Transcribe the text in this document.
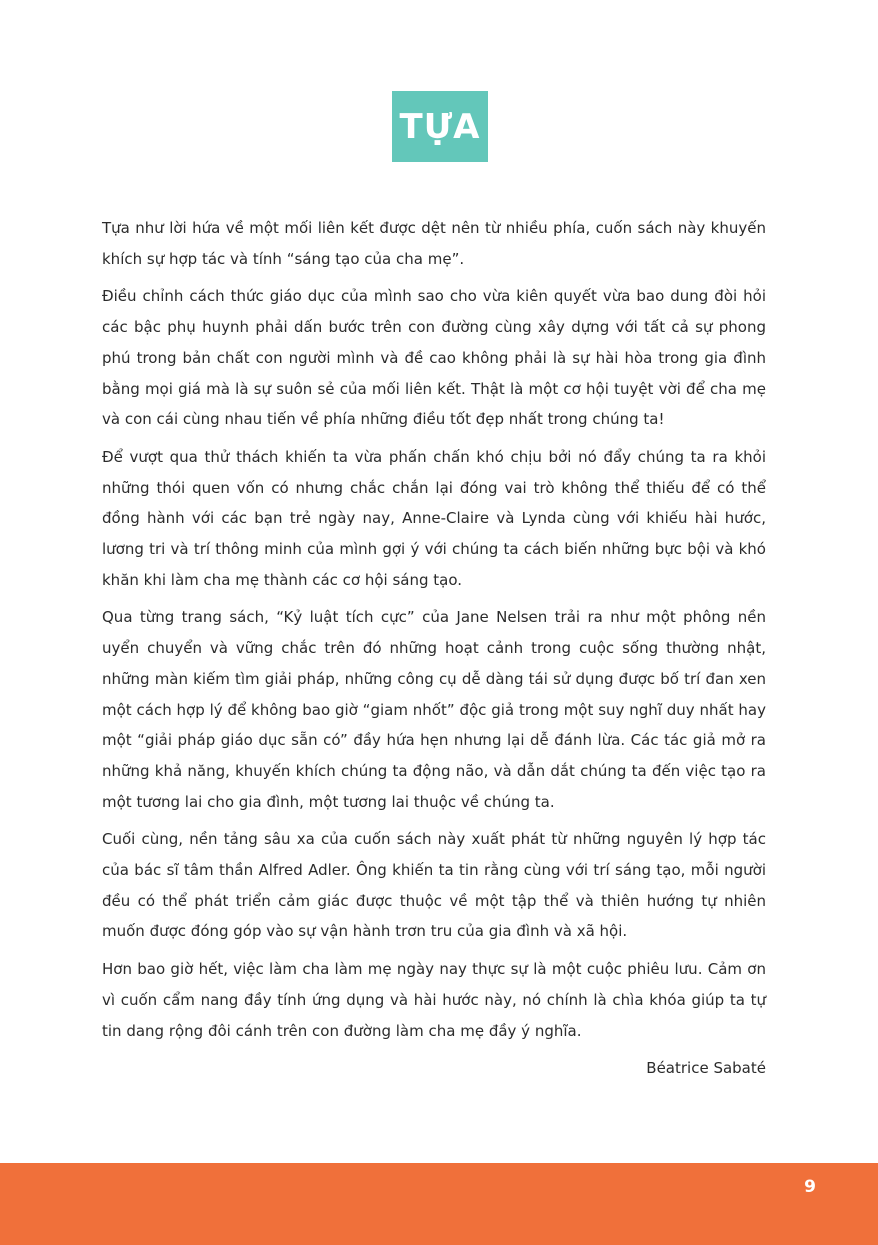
TỰA

Tựa như lời hứa về một mối liên kết được dệt nên từ nhiều phía, cuốn sách này khuyến khích sự hợp tác và tính “sáng tạo của cha mẹ”.

Điều chỉnh cách thức giáo dục của mình sao cho vừa kiên quyết vừa bao dung đòi hỏi các bậc phụ huynh phải dấn bước trên con đường cùng xây dựng với tất cả sự phong phú trong bản chất con người mình và đề cao không phải là sự hài hòa trong gia đình bằng mọi giá mà là sự suôn sẻ của mối liên kết. Thật là một cơ hội tuyệt vời để cha mẹ và con cái cùng nhau tiến về phía những điều tốt đẹp nhất trong chúng ta!

Để vượt qua thử thách khiến ta vừa phấn chấn khó chịu bởi nó đẩy chúng ta ra khỏi những thói quen vốn có nhưng chắc chắn lại đóng vai trò không thể thiếu để có thể đồng hành với các bạn trẻ ngày nay, Anne-Claire và Lynda cùng với khiếu hài hước, lương tri và trí thông minh của mình gợi ý với chúng ta cách biến những bực bội và khó khăn khi làm cha mẹ thành các cơ hội sáng tạo.

Qua từng trang sách, “Kỷ luật tích cực” của Jane Nelsen trải ra như một phông nền uyển chuyển và vững chắc trên đó những hoạt cảnh trong cuộc sống thường nhật, những màn kiếm tìm giải pháp, những công cụ dễ dàng tái sử dụng được bố trí đan xen một cách hợp lý để không bao giờ “giam nhốt” độc giả trong một suy nghĩ duy nhất hay một “giải pháp giáo dục sẵn có” đầy hứa hẹn nhưng lại dễ đánh lừa. Các tác giả mở ra những khả năng, khuyến khích chúng ta động não, và dẫn dắt chúng ta đến việc tạo ra một tương lai cho gia đình, một tương lai thuộc về chúng ta.

Cuối cùng, nền tảng sâu xa của cuốn sách này xuất phát từ những nguyên lý hợp tác của bác sĩ tâm thần Alfred Adler. Ông khiến ta tin rằng cùng với trí sáng tạo, mỗi người đều có thể phát triển cảm giác được thuộc về một tập thể và thiên hướng tự nhiên muốn được đóng góp vào sự vận hành trơn tru của gia đình và xã hội.

Hơn bao giờ hết, việc làm cha làm mẹ ngày nay thực sự là một cuộc phiêu lưu. Cảm ơn vì cuốn cẩm nang đầy tính ứng dụng và hài hước này, nó chính là chìa khóa giúp ta tự tin dang rộng đôi cánh trên con đường làm cha mẹ đầy ý nghĩa.

Béatrice Sabaté
9
